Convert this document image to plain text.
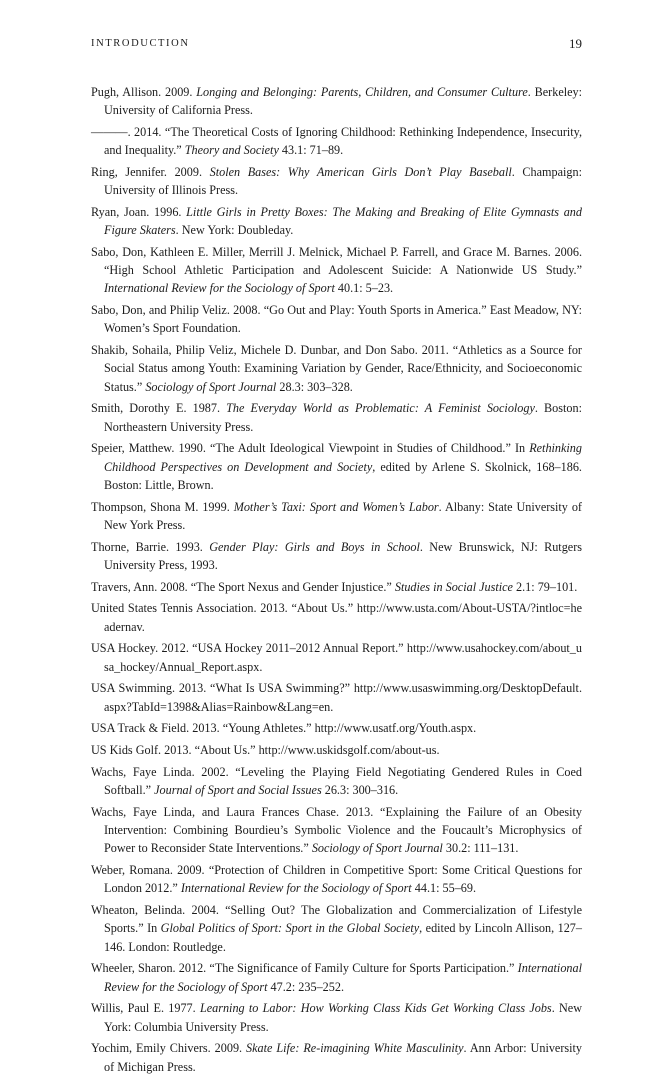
INTRODUCTION	19
Pugh, Allison. 2009. Longing and Belonging: Parents, Children, and Consumer Culture. Berkeley: University of California Press.
———. 2014. “The Theoretical Costs of Ignoring Childhood: Rethinking Independence, Insecurity, and Inequality.” Theory and Society 43.1: 71–89.
Ring, Jennifer. 2009. Stolen Bases: Why American Girls Don’t Play Baseball. Champaign: University of Illinois Press.
Ryan, Joan. 1996. Little Girls in Pretty Boxes: The Making and Breaking of Elite Gymnasts and Figure Skaters. New York: Doubleday.
Sabo, Don, Kathleen E. Miller, Merrill J. Melnick, Michael P. Farrell, and Grace M. Barnes. 2006. “High School Athletic Participation and Adolescent Suicide: A Nationwide US Study.” International Review for the Sociology of Sport 40.1: 5–23.
Sabo, Don, and Philip Veliz. 2008. “Go Out and Play: Youth Sports in America.” East Meadow, NY: Women’s Sport Foundation.
Shakib, Sohaila, Philip Veliz, Michele D. Dunbar, and Don Sabo. 2011. “Athletics as a Source for Social Status among Youth: Examining Variation by Gender, Race/Ethnicity, and Socioeconomic Status.” Sociology of Sport Journal 28.3: 303–328.
Smith, Dorothy E. 1987. The Everyday World as Problematic: A Feminist Sociology. Boston: Northeastern University Press.
Speier, Matthew. 1990. “The Adult Ideological Viewpoint in Studies of Childhood.” In Rethinking Childhood Perspectives on Development and Society, edited by Arlene S. Skolnick, 168–186. Boston: Little, Brown.
Thompson, Shona M. 1999. Mother’s Taxi: Sport and Women’s Labor. Albany: State University of New York Press.
Thorne, Barrie. 1993. Gender Play: Girls and Boys in School. New Brunswick, NJ: Rutgers University Press, 1993.
Travers, Ann. 2008. “The Sport Nexus and Gender Injustice.” Studies in Social Justice 2.1: 79–101.
United States Tennis Association. 2013. “About Us.” http://www.usta.com/About-USTA/?intloc=headernav.
USA Hockey. 2012. “USA Hockey 2011–2012 Annual Report.” http://www.usahockey.com/about_usa_hockey/Annual_Report.aspx.
USA Swimming. 2013. “What Is USA Swimming?” http://www.usaswimming.org/DesktopDefault.aspx?TabId=1398&Alias=Rainbow&Lang=en.
USA Track & Field. 2013. “Young Athletes.” http://www.usatf.org/Youth.aspx.
US Kids Golf. 2013. “About Us.” http://www.uskidsgolf.com/about-us.
Wachs, Faye Linda. 2002. “Leveling the Playing Field Negotiating Gendered Rules in Coed Softball.” Journal of Sport and Social Issues 26.3: 300–316.
Wachs, Faye Linda, and Laura Frances Chase. 2013. “Explaining the Failure of an Obesity Intervention: Combining Bourdieu’s Symbolic Violence and the Foucault’s Microphysics of Power to Reconsider State Interventions.” Sociology of Sport Journal 30.2: 111–131.
Weber, Romana. 2009. “Protection of Children in Competitive Sport: Some Critical Questions for London 2012.” International Review for the Sociology of Sport 44.1: 55–69.
Wheaton, Belinda. 2004. “Selling Out? The Globalization and Commercialization of Lifestyle Sports.” In Global Politics of Sport: Sport in the Global Society, edited by Lincoln Allison, 127–146. London: Routledge.
Wheeler, Sharon. 2012. “The Significance of Family Culture for Sports Participation.” International Review for the Sociology of Sport 47.2: 235–252.
Willis, Paul E. 1977. Learning to Labor: How Working Class Kids Get Working Class Jobs. New York: Columbia University Press.
Yochim, Emily Chivers. 2009. Skate Life: Re-imagining White Masculinity. Ann Arbor: University of Michigan Press.
